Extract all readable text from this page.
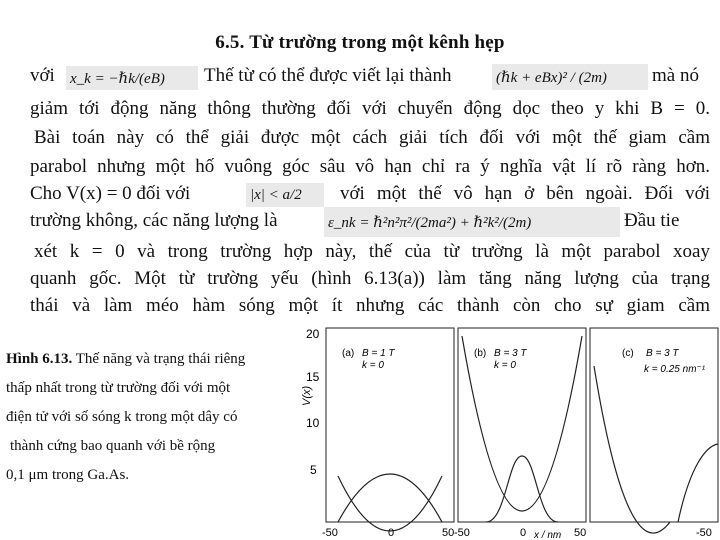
6.5. Từ trường trong một kênh hẹp
với	x_k = −ℏk/(eB) Thế từ có thể được viết lại thành	(ℏk + eBx)² / (2m) mà nó
giảm tới động năng thông thường đối với chuyển động dọc theo y khi B = 0.
Bài toán này có thể giải được một cách giải tích đối với một thế giam cầm
parabol nhưng một hố vuông góc sâu vô hạn chỉ ra ý nghĩa vật lí rõ ràng hơn.
Cho V(x) = 0 đối với	|x| < a/2 với một thế vô hạn ở bên ngoài. Đối với
trường không, các năng lượng là	ε_nk = ℏ²n²π²/(2ma²) + ℏ²k²/(2m)	Đầu tie
xét k = 0 và trong trường hợp này, thế của từ trường là một parabol xoay
quanh gốc. Một từ trường yếu (hình 6.13(a)) làm tăng năng lượng của trạng
thái và làm méo hàm sóng một ít nhưng các thành còn cho sự giam cầm
Hình 6.13. Thế năng và trạng thái riêng
thấp nhất trong từ trường đối với một
điện tử với số sóng k trong một dây có
thành cứng bao quanh với bề rộng
0,1 μm trong Ga.As.
20
15
10
5
V(x)
(a) B = 1 T
k = 0
(b) B = 3 T
k = 0
(c) B = 3 T
k = 0.25 nm⁻¹
-50	0	50 -50	0	50	-50
x / nm
